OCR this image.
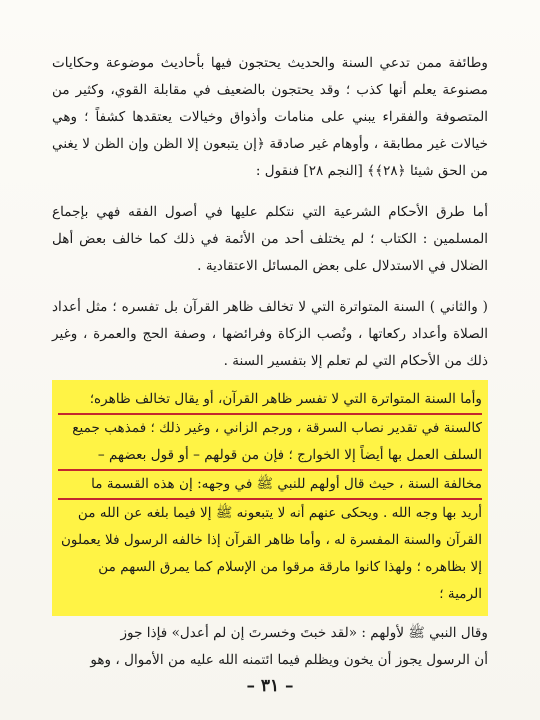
وطائفة ممن تدعي السنة والحديث يحتجون فيها بأحاديث موضوعة وحكايات مصنوعة يعلم أنها كذب ؛ وقد يحتجون بالضعيف في مقابلة القوي، وكثير من المتصوفة والفقراء يبني على منامات وأذواق وخيالات يعتقدها كشفاً ؛ وهي خيالات غير مطابقة ، وأوهام غير صادقة ﴿إن يتبعون إلا الظن وإن الظن لا يغني من الحق شيئا ﴿٢٨﴾﴾ [النجم ٢٨] فنقول :

أما طرق الأحكام الشرعية التي نتكلم عليها في أصول الفقه فهي بإجماع المسلمين : الكتاب ؛ لم يختلف أحد من الأئمة في ذلك كما خالف بعض أهل الضلال في الاستدلال على بعض المسائل الاعتقادية .

( والثاني ) السنة المتواترة التي لا تخالف ظاهر القرآن بل تفسره ؛ مثل أعداد الصلاة وأعداد ركعاتها ، ونُصب الزكاة وفرائضها ، وصفة الحج والعمرة ، وغير ذلك من الأحكام التي لم تعلم إلا بتفسير السنة .

وأما السنة المتواترة التي لا تفسر ظاهر القرآن، أو يقال تخالف ظاهره؛
كالسنة في تقدير نصاب السرقة ، ورجم الزاني ، وغير ذلك ؛ فمذهب جميع
السلف العمل بها أيضاً إلا الخوارج ؛ فإن من قولهم – أو قول بعضهم –
مخالفة السنة ، حيث قال أولهم للنبي ﷺ في وجهه: إن هذه القسمة ما
أريد بها وجه الله . ويحكى عنهم أنه لا يتبعونه ﷺ إلا فيما بلغه عن الله من
القرآن والسنة المفسرة له ، وأما ظاهر القرآن إذا خالفه الرسول فلا يعملون
إلا بظاهره ؛ ولهذا كانوا مارقة مرقوا من الإسلام كما يمرق السهم من
الرمية ؛
وقال النبي ﷺ لأولهم : «لقد خبتَ وخسرتَ إن لم أعدل» فإذا جوز
أن الرسول يجوز أن يخون ويظلم فيما ائتمنه الله عليه من الأموال ، وهو
– ٣١ –
